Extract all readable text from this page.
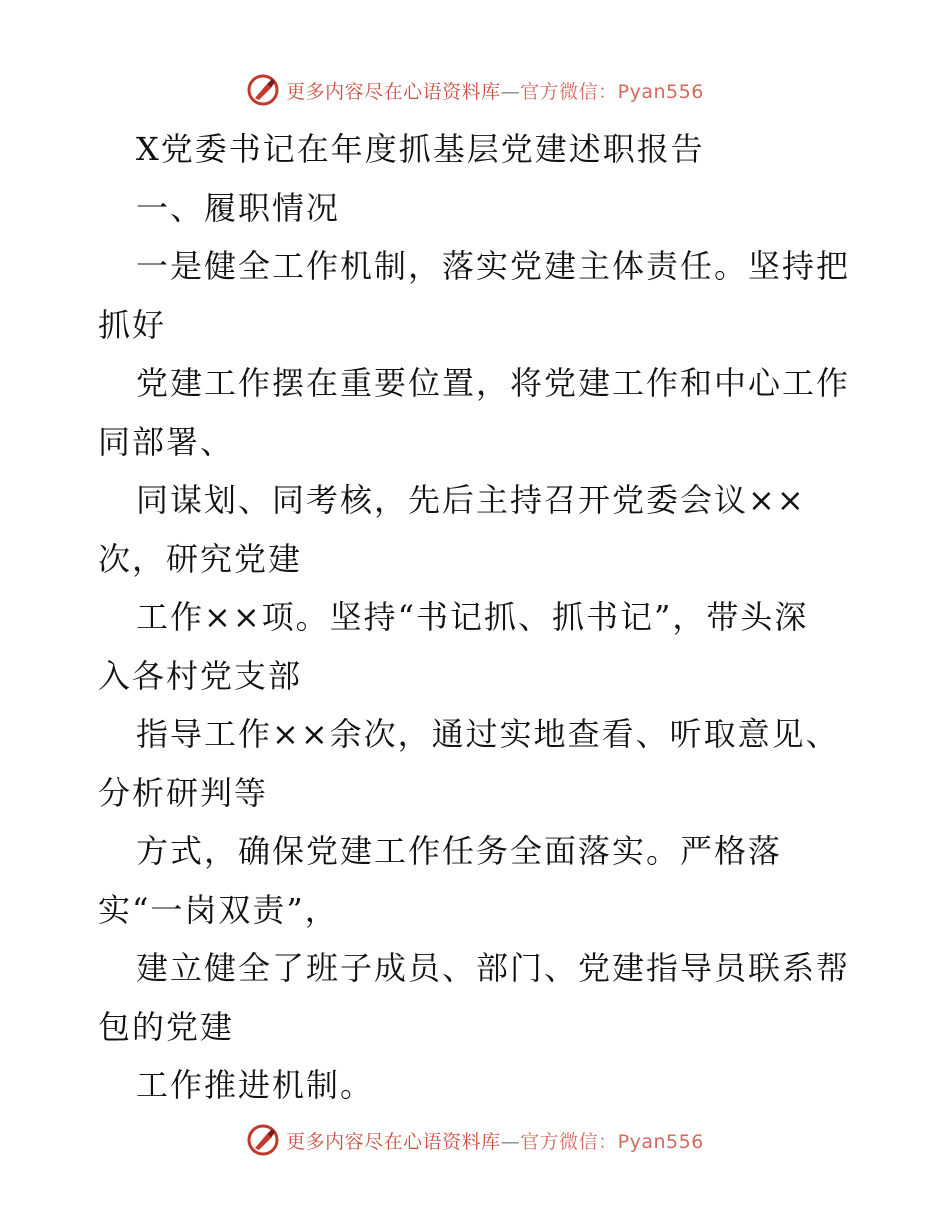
更多内容尽在心语资料库—官方微信：Pyan556
X党委书记在年度抓基层党建述职报告
一、履职情况
一是健全工作机制，落实党建主体责任。坚持把
抓好
党建工作摆在重要位置，将党建工作和中心工作
同部署、
同谋划、同考核，先后主持召开党委会议××
次，研究党建
工作××项。坚持“书记抓、抓书记”，带头深
入各村党支部
指导工作××余次，通过实地查看、听取意见、
分析研判等
方式，确保党建工作任务全面落实。严格落
实“一岗双责”，
建立健全了班子成员、部门、党建指导员联系帮
包的党建
工作推进机制。
更多内容尽在心语资料库—官方微信：Pyan556
